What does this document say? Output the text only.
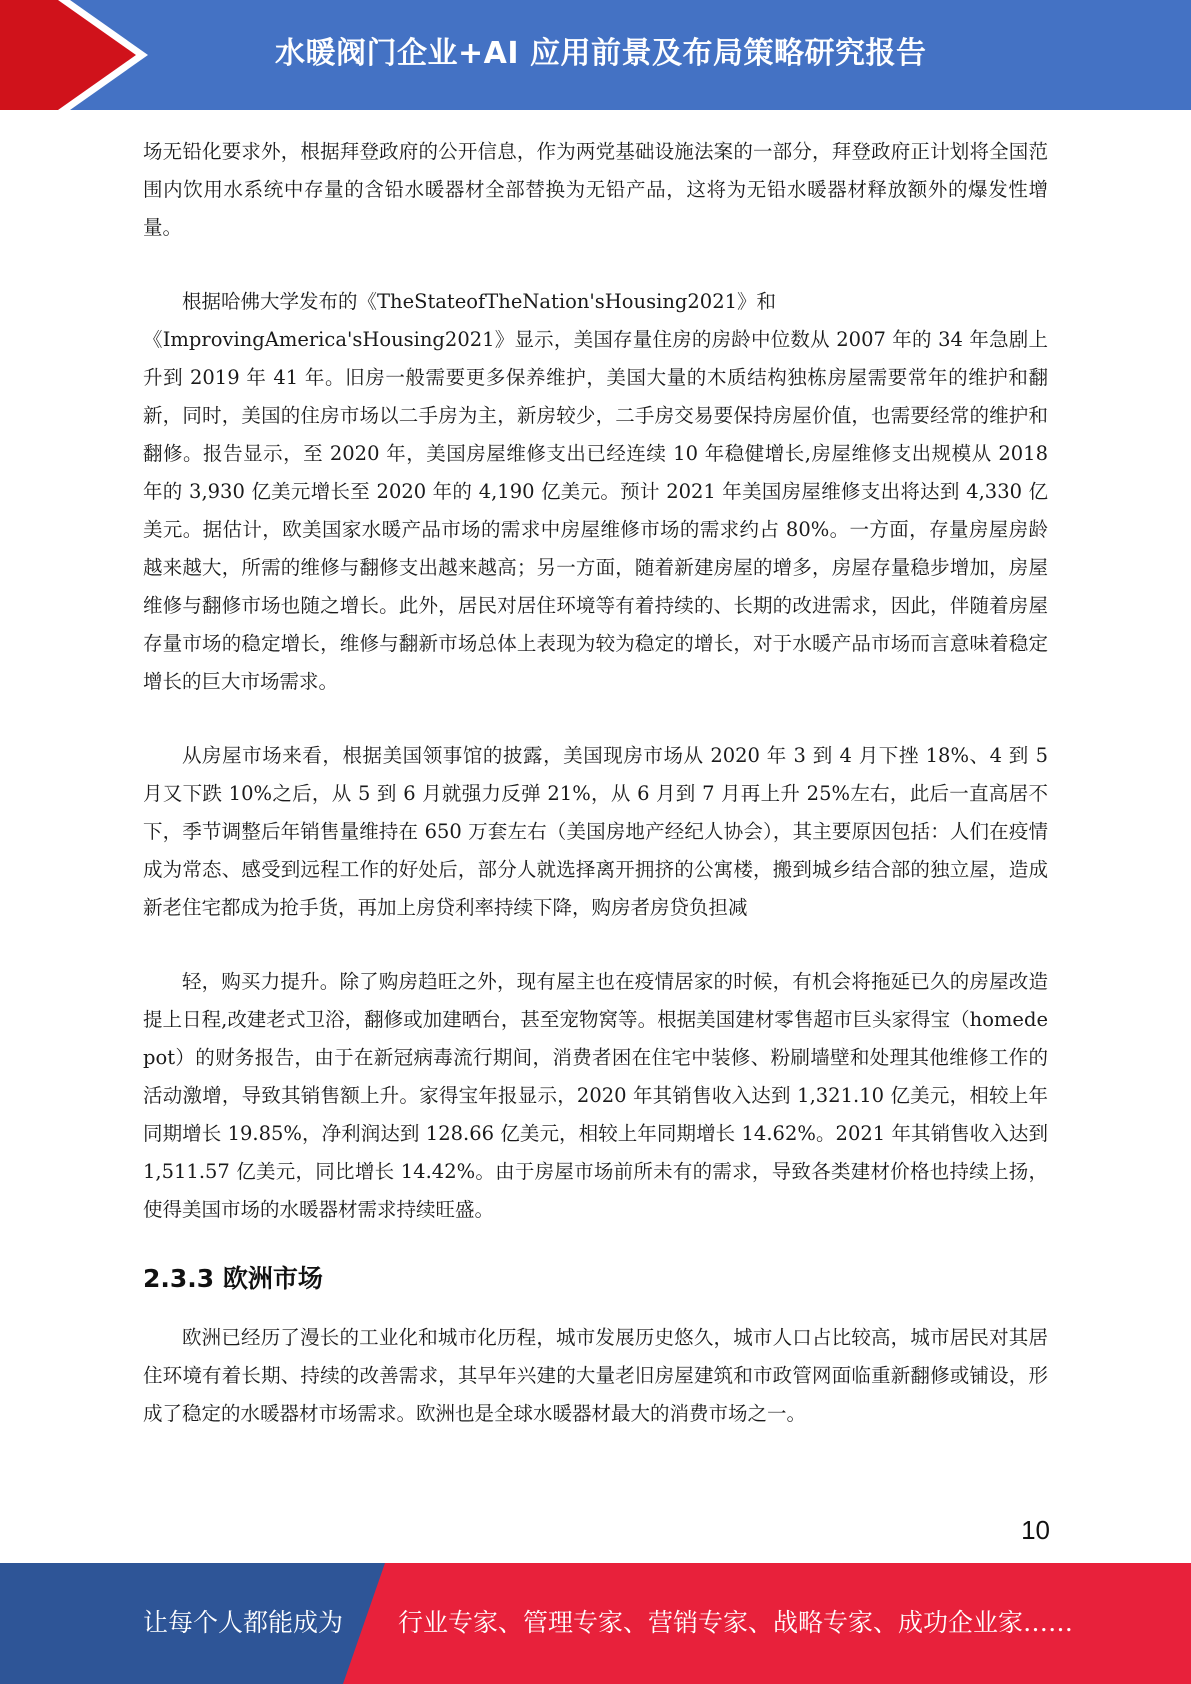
水暖阀门企业+AI 应用前景及布局策略研究报告

场无铅化要求外，根据拜登政府的公开信息，作为两党基础设施法案的一部分，拜登政府正计划将全国范围内饮用水系统中存量的含铅水暖器材全部替换为无铅产品，这将为无铅水暖器材释放额外的爆发性增量。

根据哈佛大学发布的《TheStateofTheNation'sHousing2021》和

《ImprovingAmerica'sHousing2021》显示，美国存量住房的房龄中位数从 2007 年的 34 年急剧上升到 2019 年 41 年。旧房一般需要更多保养维护，美国大量的木质结构独栋房屋需要常年的维护和翻新，同时，美国的住房市场以二手房为主，新房较少，二手房交易要保持房屋价值，也需要经常的维护和翻修。报告显示，至 2020 年，美国房屋维修支出已经连续 10 年稳健增长,房屋维修支出规模从 2018 年的 3,930 亿美元增长至 2020 年的 4,190 亿美元。预计 2021 年美国房屋维修支出将达到 4,330 亿美元。据估计，欧美国家水暖产品市场的需求中房屋维修市场的需求约占 80%。一方面，存量房屋房龄越来越大，所需的维修与翻修支出越来越高；另一方面，随着新建房屋的增多，房屋存量稳步增加，房屋维修与翻修市场也随之增长。此外，居民对居住环境等有着持续的、长期的改进需求，因此，伴随着房屋存量市场的稳定增长，维修与翻新市场总体上表现为较为稳定的增长，对于水暖产品市场而言意味着稳定增长的巨大市场需求。

从房屋市场来看，根据美国领事馆的披露，美国现房市场从 2020 年 3 到 4 月下挫 18%、4 到 5 月又下跌 10%之后，从 5 到 6 月就强力反弹 21%，从 6 月到 7 月再上升 25%左右，此后一直高居不下，季节调整后年销售量维持在 650 万套左右（美国房地产经纪人协会），其主要原因包括：人们在疫情成为常态、感受到远程工作的好处后，部分人就选择离开拥挤的公寓楼，搬到城乡结合部的独立屋，造成新老住宅都成为抢手货，再加上房贷利率持续下降，购房者房贷负担减

轻，购买力提升。除了购房趋旺之外，现有屋主也在疫情居家的时候，有机会将拖延已久的房屋改造提上日程,改建老式卫浴，翻修或加建晒台，甚至宠物窝等。根据美国建材零售超市巨头家得宝（homedepot）的财务报告，由于在新冠病毒流行期间，消费者困在住宅中装修、粉刷墙壁和处理其他维修工作的活动激增，导致其销售额上升。家得宝年报显示，2020 年其销售收入达到 1,321.10 亿美元，相较上年同期增长 19.85%，净利润达到 128.66 亿美元，相较上年同期增长 14.62%。2021 年其销售收入达到 1,511.57 亿美元，同比增长 14.42%。由于房屋市场前所未有的需求，导致各类建材价格也持续上扬，使得美国市场的水暖器材需求持续旺盛。

2.3.3 欧洲市场

欧洲已经历了漫长的工业化和城市化历程，城市发展历史悠久，城市人口占比较高，城市居民对其居住环境有着长期、持续的改善需求，其早年兴建的大量老旧房屋建筑和市政管网面临重新翻修或铺设，形成了稳定的水暖器材市场需求。欧洲也是全球水暖器材最大的消费市场之一。

10
让每个人都能成为 行业专家、管理专家、营销专家、战略专家、成功企业家……
